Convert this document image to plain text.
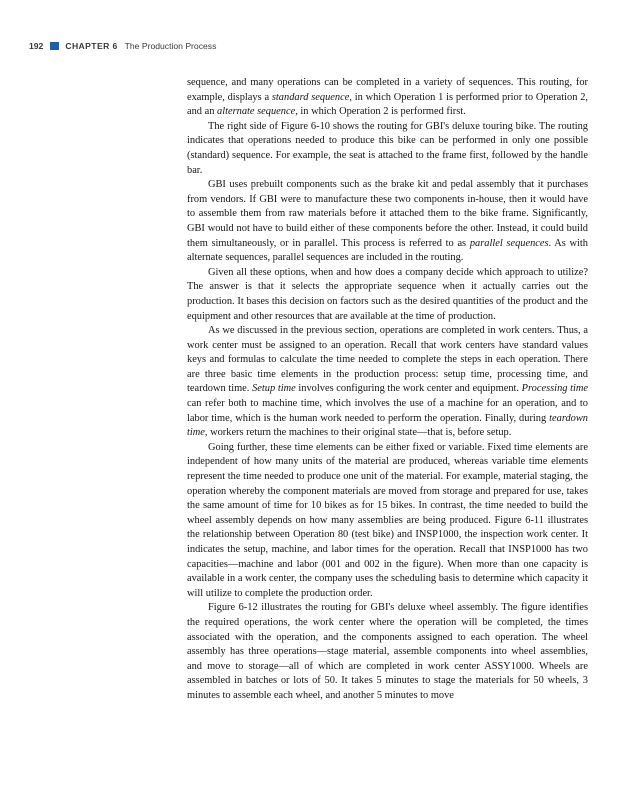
192	CHAPTER 6 The Production Process

sequence, and many operations can be completed in a variety of sequences. This routing, for example, displays a standard sequence, in which Operation 1 is performed prior to Operation 2, and an alternate sequence, in which Operation 2 is performed first.

The right side of Figure 6-10 shows the routing for GBI's deluxe touring bike. The routing indicates that operations needed to produce this bike can be performed in only one possible (standard) sequence. For example, the seat is attached to the frame first, followed by the handle bar.

GBI uses prebuilt components such as the brake kit and pedal assembly that it purchases from vendors. If GBI were to manufacture these two components in-house, then it would have to assemble them from raw materials before it attached them to the bike frame. Significantly, GBI would not have to build either of these components before the other. Instead, it could build them simultaneously, or in parallel. This process is referred to as parallel sequences. As with alternate sequences, parallel sequences are included in the routing.

Given all these options, when and how does a company decide which approach to utilize? The answer is that it selects the appropriate sequence when it actually carries out the production. It bases this decision on factors such as the desired quantities of the product and the equipment and other resources that are available at the time of production.

As we discussed in the previous section, operations are completed in work centers. Thus, a work center must be assigned to an operation. Recall that work centers have standard values keys and formulas to calculate the time needed to complete the steps in each operation. There are three basic time elements in the production process: setup time, processing time, and teardown time. Setup time involves configuring the work center and equipment. Processing time can refer both to machine time, which involves the use of a machine for an operation, and to labor time, which is the human work needed to perform the operation. Finally, during teardown time, workers return the machines to their original state—that is, before setup.

Going further, these time elements can be either fixed or variable. Fixed time elements are independent of how many units of the material are produced, whereas variable time elements represent the time needed to produce one unit of the material. For example, material staging, the operation whereby the component materials are moved from storage and prepared for use, takes the same amount of time for 10 bikes as for 15 bikes. In contrast, the time needed to build the wheel assembly depends on how many assemblies are being produced. Figure 6-11 illustrates the relationship between Operation 80 (test bike) and INSP1000, the inspection work center. It indicates the setup, machine, and labor times for the operation. Recall that INSP1000 has two capacities—machine and labor (001 and 002 in the figure). When more than one capacity is available in a work center, the company uses the scheduling basis to determine which capacity it will utilize to complete the production order.

Figure 6-12 illustrates the routing for GBI's deluxe wheel assembly. The figure identifies the required operations, the work center where the operation will be completed, the times associated with the operation, and the components assigned to each operation. The wheel assembly has three operations—stage material, assemble components into wheel assemblies, and move to storage—all of which are completed in work center ASSY1000. Wheels are assembled in batches or lots of 50. It takes 5 minutes to stage the materials for 50 wheels, 3 minutes to assemble each wheel, and another 5 minutes to move
